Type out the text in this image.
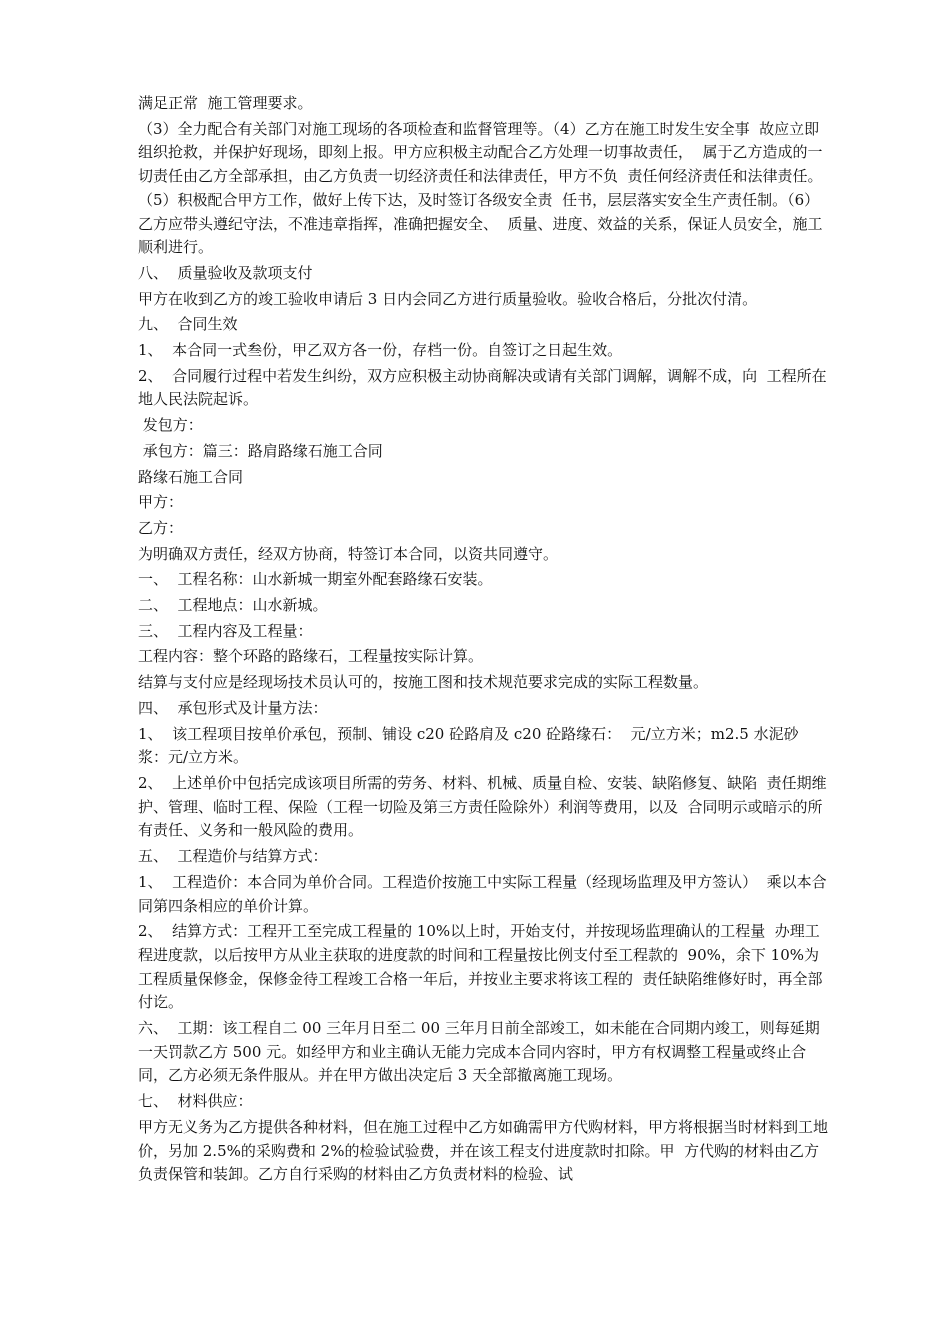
满足正常  施工管理要求。

（3）全力配合有关部门对施工现场的各项检查和监督管理等。（4）乙方在施工时发生安全事  故应立即组织抢救，并保护好现场，即刻上报。甲方应积极主动配合乙方处理一切事故责任，  属于乙方造成的一切责任由乙方全部承担，由乙方负责一切经济责任和法律责任，甲方不负  责任何经济责任和法律责任。（5）积极配合甲方工作，做好上传下达，及时签订各级安全责  任书，层层落实安全生产责任制。（6）乙方应带头遵纪守法，不准违章指挥，准确把握安全、  质量、进度、效益的关系，保证人员安全，施工顺利进行。

八、  质量验收及款项支付

甲方在收到乙方的竣工验收申请后 3 日内会同乙方进行质量验收。验收合格后，分批次付清。

九、  合同生效

1、  本合同一式叁份，甲乙双方各一份，存档一份。自签订之日起生效。

2、  合同履行过程中若发生纠纷，双方应积极主动协商解决或请有关部门调解，调解不成，向  工程所在地人民法院起诉。

发包方：

承包方：篇三：路肩路缘石施工合同

路缘石施工合同

甲方：

乙方：

为明确双方责任，经双方协商，特签订本合同，以资共同遵守。

一、  工程名称：山水新城一期室外配套路缘石安装。

二、  工程地点：山水新城。

三、  工程内容及工程量：

工程内容：整个环路的路缘石，工程量按实际计算。

结算与支付应是经现场技术员认可的，按施工图和技术规范要求完成的实际工程数量。

四、  承包形式及计量方法：

1、  该工程项目按单价承包，预制、铺设 c20 砼路肩及 c20 砼路缘石：  元/立方米；m2.5 水泥砂浆：元/立方米。

2、  上述单价中包括完成该项目所需的劳务、材料、机械、质量自检、安装、缺陷修复、缺陷  责任期维护、管理、临时工程、保险（工程一切险及第三方责任险除外）利润等费用，以及  合同明示或暗示的所有责任、义务和一般风险的费用。

五、  工程造价与结算方式：

1、  工程造价：本合同为单价合同。工程造价按施工中实际工程量（经现场监理及甲方签认）  乘以本合同第四条相应的单价计算。

2、  结算方式：工程开工至完成工程量的 10%以上时，开始支付，并按现场监理确认的工程量  办理工程进度款，以后按甲方从业主获取的进度款的时间和工程量按比例支付至工程款的  90%，余下 10%为工程质量保修金，保修金待工程竣工合格一年后，并按业主要求将该工程的  责任缺陷维修好时，再全部付讫。

六、  工期：该工程自二 00 三年月日至二 00 三年月日前全部竣工，如未能在合同期内竣工，则每延期一天罚款乙方 500 元。如经甲方和业主确认无能力完成本合同内容时，甲方有权调整工程量或终止合同，乙方必须无条件服从。并在甲方做出决定后 3 天全部撤离施工现场。

七、  材料供应：

甲方无义务为乙方提供各种材料，但在施工过程中乙方如确需甲方代购材料，甲方将根据当时材料到工地价，另加 2.5%的采购费和 2%的检验试验费，并在该工程支付进度款时扣除。甲  方代购的材料由乙方负责保管和装卸。乙方自行采购的材料由乙方负责材料的检验、试
